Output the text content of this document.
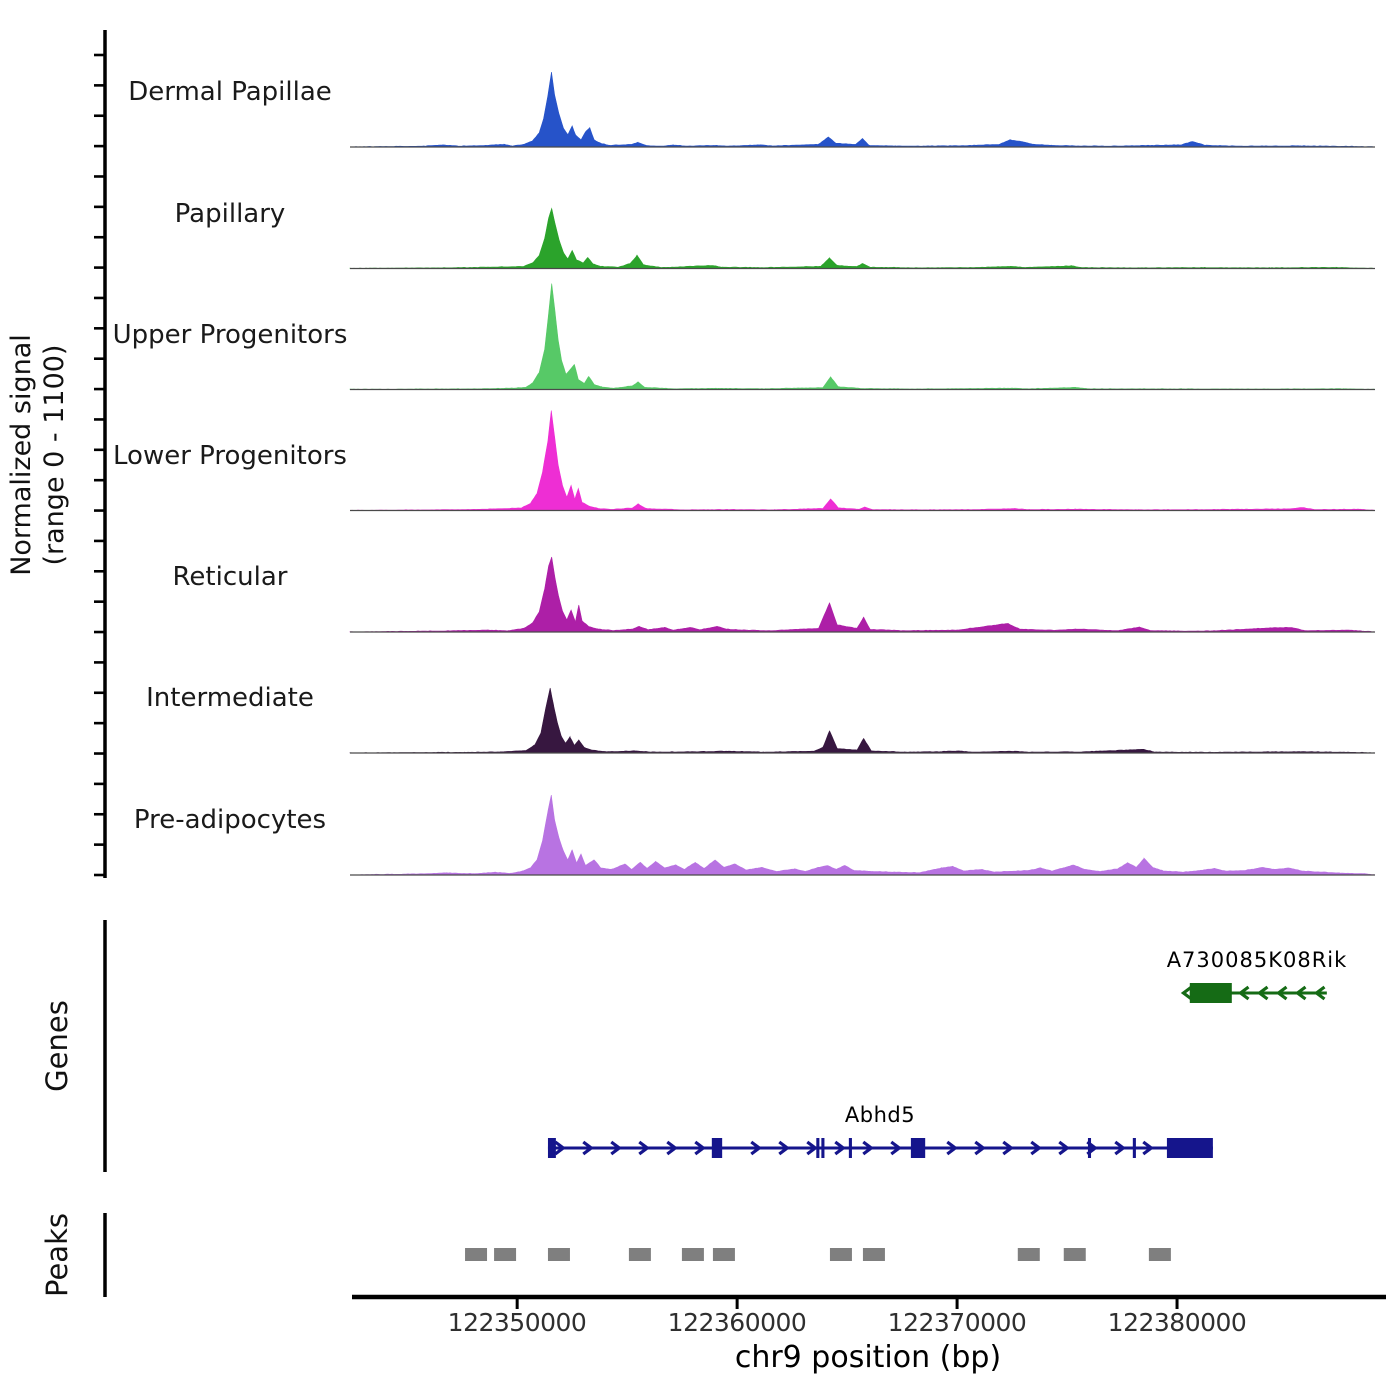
Dermal Papillae
Papillary
Upper Progenitors
Lower Progenitors
Reticular
Intermediate
Pre-adipocytes
Normalized signal (range 0 - 1100)
Genes
Peaks
A730085K08Rik
Abhd5
122350000	122360000	122370000	122380000
chr9 position (bp)
